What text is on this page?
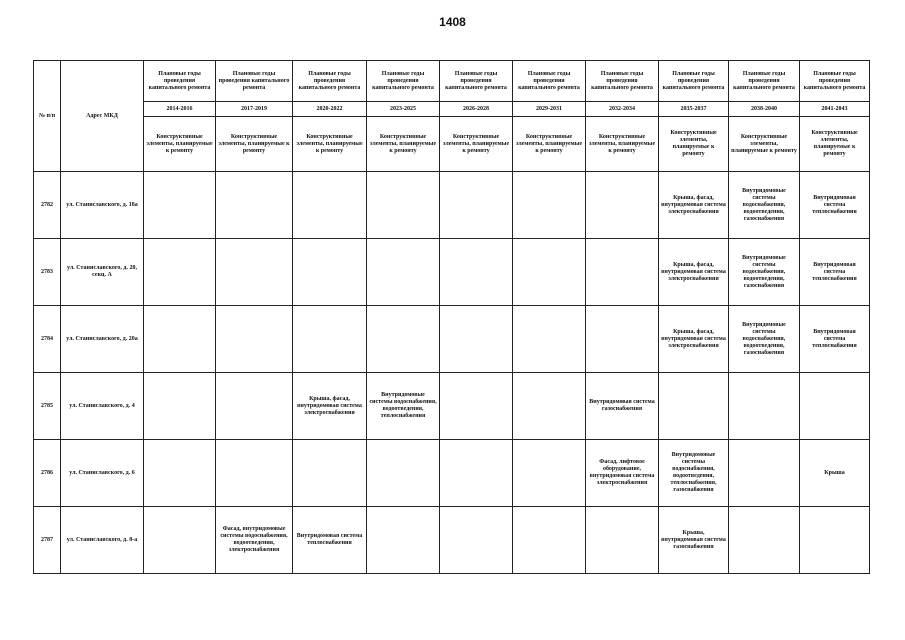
1408
№ п/п	Адрес МКД	Плановые годы проведения капитального ремонта	Плановые годы проведения капитального ремонта	Плановые годы проведения капитального ремонта	Плановые годы проведения капитального ремонта	Плановые годы проведения капитального ремонта	Плановые годы проведения капитального ремонта	Плановые годы проведения капитального ремонта	Плановые годы проведения капитального ремонта	Плановые годы проведения капитального ремонта	Плановые годы проведения капитального ремонта
		2014-2016	2017-2019	2020-2022	2023-2025	2026-2028	2029-2031	2032-2034	2035-2037	2038-2040	2041-2043
		Конструктивные элементы, планируемые к ремонту	Конструктивные элементы, планируемые к ремонту	Конструктивные элементы, планируемые к ремонту	Конструктивные элементы, планируемые к ремонту	Конструктивные элементы, планируемые к ремонту	Конструктивные элементы, планируемые к ремонту	Конструктивные элементы, планируемые к ремонту	Конструктивные элементы, планируемые к ремонту	Конструктивные элементы, планируемые к ремонту	Конструктивные элементы, планируемые к ремонту
2782	ул. Станиславского, д. 18а								Крыша, фасад, внутридомовая система электроснабжения	Внутридомовые системы водоснабжения, водоотведения, газоснабжения	Внутридомовая система теплоснабжения
2783	ул. Станиславского, д. 20, секц. А								Крыша, фасад, внутридомовая система электроснабжения	Внутридомовые системы водоснабжения, водоотведения, газоснабжения	Внутридомовая система теплоснабжения
2784	ул. Станиславского, д. 20а								Крыша, фасад, внутридомовая система электроснабжения	Внутридомовые системы водоснабжения, водоотведения, газоснабжения	Внутридомовая система теплоснабжения
2785	ул. Станиславского, д. 4			Крыша, фасад, внутридомовая система электроснабжения	Внутридомовые системы водоснабжения, водоотведения, теплоснабжения			Внутридомовая система газоснабжения			
2786	ул. Станиславского, д. 6							Фасад, лифтовое оборудование, внутридомовая система электроснабжения	Внутридомовые системы водоснабжения, водоотведения, теплоснабжения, газоснабжения		Крыша
2787	ул. Станиславского, д. 8-а		Фасад, внутридомовые системы водоснабжения, водоотведения, электроснабжения	Внутридомовая система теплоснабжения					Крыша, внутридомовая система газоснабжения		
